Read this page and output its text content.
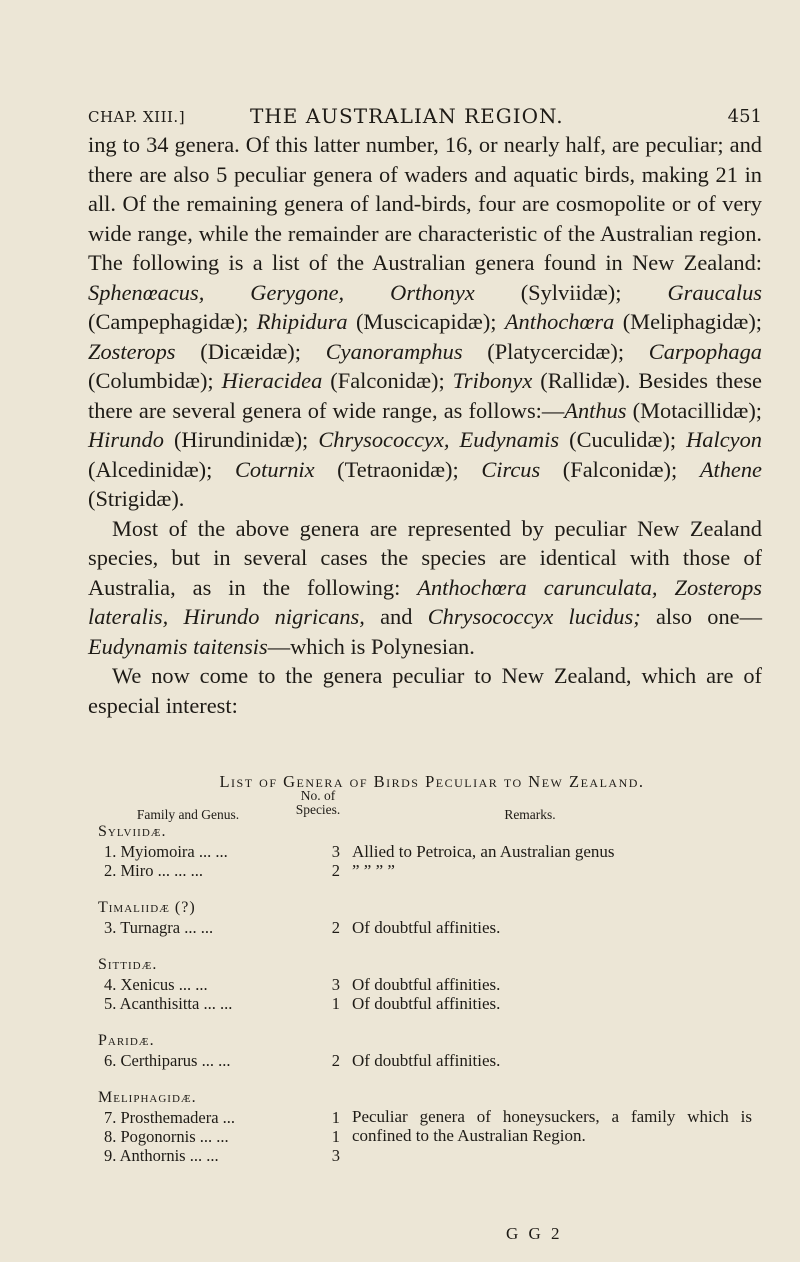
CHAP. XIII.]	THE AUSTRALIAN REGION.	451

ing to 34 genera. Of this latter number, 16, or nearly half, are peculiar; and there are also 5 peculiar genera of waders and aquatic birds, making 21 in all. Of the remaining genera of land-birds, four are cosmopolite or of very wide range, while the remainder are characteristic of the Australian region. The following is a list of the Australian genera found in New Zealand: Sphenœacus, Gerygone, Orthonyx (Sylviidæ); Graucalus (Campephagidæ); Rhipidura (Muscicapidæ); Anthochœra (Meliphagidæ); Zosterops (Dicæidæ); Cyanoramphus (Platycercidæ); Carpophaga (Columbidæ); Hieracidea (Falconidæ); Tribonyx (Rallidæ). Besides these there are several genera of wide range, as follows:—Anthus (Motacillidæ); Hirundo (Hirundinidæ); Chrysococcyx, Eudynamis (Cuculidæ); Halcyon (Alcedinidæ); Coturnix (Tetraonidæ); Circus (Falconidæ); Athene (Strigidæ).

Most of the above genera are represented by peculiar New Zealand species, but in several cases the species are identical with those of Australia, as in the following: Anthochœra carunculata, Zosterops lateralis, Hirundo nigricans, and Chrysococcyx lucidus; also one—Eudynamis taitensis—which is Polynesian.

We now come to the genera peculiar to New Zealand, which are of especial interest:

List of Genera of Birds Peculiar to New Zealand.
Family and Genus.
No. of Species.	Remarks.
Sylviidæ.
1. Myiomoira ... ...	3 Allied to Petroica, an Australian genus
2. Miro ... ... ...	2 ” ” ” ”
Timaliidæ (?)
3. Turnagra ... ...	2 Of doubtful affinities.
Sittidæ.
4. Xenicus ... ...	3 Of doubtful affinities.
5. Acanthisitta ... ...	1 Of doubtful affinities.
Paridæ.
6. Certhiparus ... ...	2 Of doubtful affinities.
Meliphagidæ.
7. Prosthemadera ...	1
8. Pogonornis ... ...	1
9. Anthornis ... ...	3
Peculiar genera of honeysuckers, a family which is confined to the Australian Region.
G G 2
